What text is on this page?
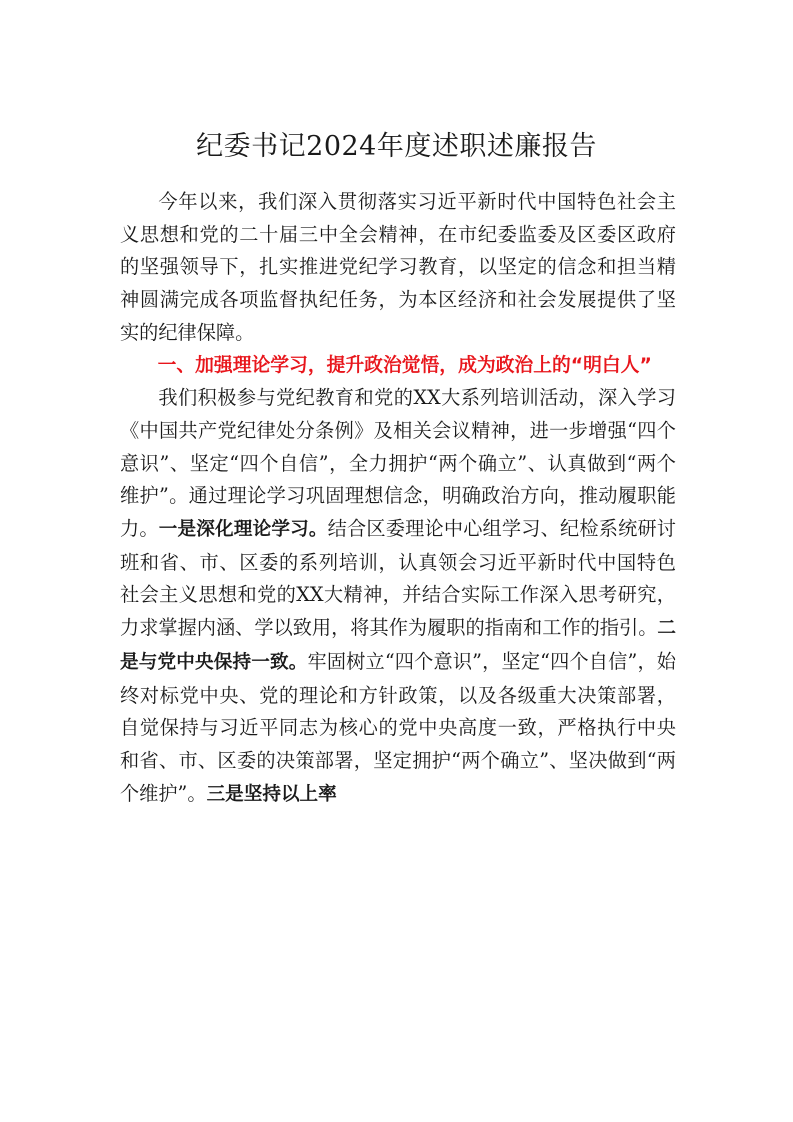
纪委书记2024年度述职述廉报告

今年以来，我们深入贯彻落实习近平新时代中国特色社会主义思想和党的二十届三中全会精神，在市纪委监委及区委区政府的坚强领导下，扎实推进党纪学习教育，以坚定的信念和担当精神圆满完成各项监督执纪任务，为本区经济和社会发展提供了坚实的纪律保障。

一、加强理论学习，提升政治觉悟，成为政治上的“明白人”

我们积极参与党纪教育和党的XX大系列培训活动，深入学习《中国共产党纪律处分条例》及相关会议精神，进一步增强“四个意识”、坚定“四个自信”，全力拥护“两个确立”、认真做到“两个维护”。通过理论学习巩固理想信念，明确政治方向，推动履职能力。一是深化理论学习。结合区委理论中心组学习、纪检系统研讨班和省、市、区委的系列培训，认真领会习近平新时代中国特色社会主义思想和党的XX大精神，并结合实际工作深入思考研究，力求掌握内涵、学以致用，将其作为履职的指南和工作的指引。二是与党中央保持一致。牢固树立“四个意识”，坚定“四个自信”，始终对标党中央、党的理论和方针政策，以及各级重大决策部署，自觉保持与习近平同志为核心的党中央高度一致，严格执行中央和省、市、区委的决策部署，坚定拥护“两个确立”、坚决做到“两个维护”。三是坚持以上率
